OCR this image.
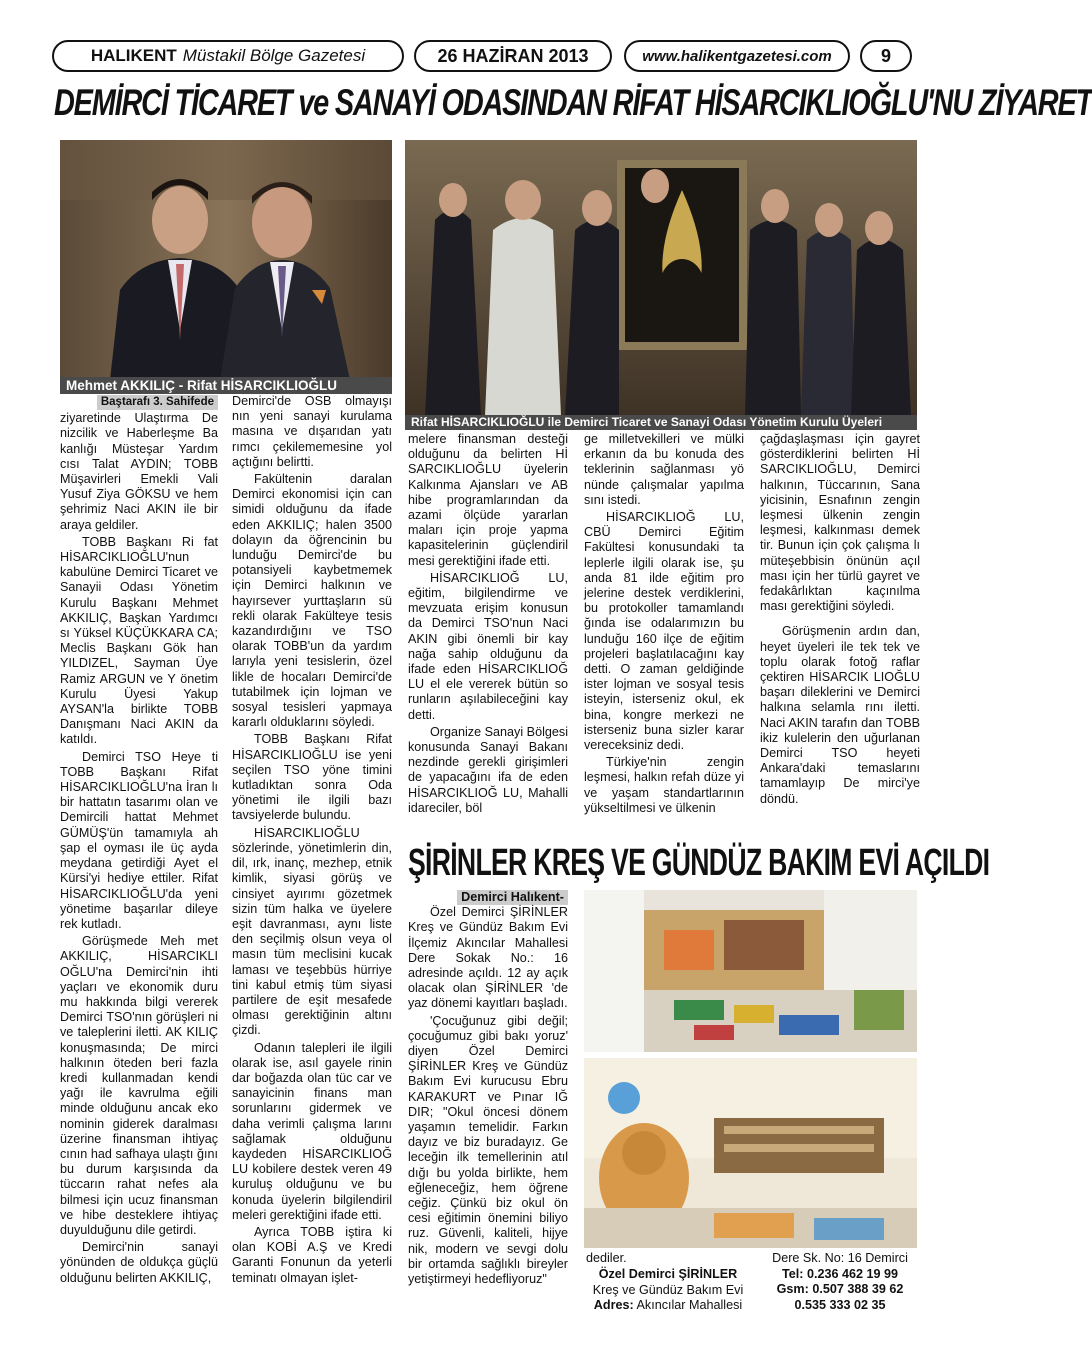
HALIKENT Müstakil Bölge Gazetesi	26 HAZİRAN 2013	www.halikentgazetesi.com	9
DEMİRCİ TİCARET ve SANAYİ ODASINDAN RİFAT HİSARCIKLIOĞLU'NU ZİYARET
Mehmet AKKILIÇ - Rifat HİSARCIKLIOĞLU
Rifat HİSARCIKLIOĞLU ile Demirci Ticaret ve Sanayi Odası Yönetim Kurulu Üyeleri
Baştarafı 3. Sahifede

ziyaretinde Ulaştırma De nizcilik ve Haberleşme Ba kanlığı Müsteşar Yardım cısı Talat AYDIN; TOBB Müşavirleri Emekli Vali Yusuf Ziya GÖKSU ve hem şehrimiz Naci AKIN ile bir araya geldiler.

TOBB Başkanı Ri fat HİSARCIKLIOĞLU'nun kabulüne Demirci Ticaret ve Sanayii Odası Yönetim Kurulu Başkanı Mehmet AKKILIÇ, Başkan Yardımcı sı Yüksel KÜÇÜKKARA CA; Meclis Başkanı Gök han YILDIZEL, Sayman Üye Ramiz ARGUN ve Y önetim Kurulu Üyesi Yakup AYSAN'la birlikte TOBB Danışmanı Naci AKIN da katıldı.

Demirci TSO Heye ti TOBB Başkanı Rifat HİSARCIKLIOĞLU'na İran lı bir hattatın tasarımı olan ve Demircili hattat Mehmet GÜMÜŞ'ün tamamıyla ah şap el oyması ile üç ayda meydana getirdiği Ayet el Kürsi'yi hediye ettiler. Rifat HİSARCIKLIOĞLU'da yeni yönetime başarılar dileye rek kutladı.

Görüşmede Meh met AKKILIÇ, HİSARCIKLI OĞLU'na Demirci'nin ihti yaçları ve ekonomik duru mu hakkında bilgi vererek Demirci TSO'nın görüşleri ni ve taleplerini iletti. AK KILIÇ konuşmasında; De mirci halkının öteden beri fazla kredi kullanmadan kendi yağı ile kavrulma eğili minde olduğunu ancak eko nominin giderek daralması üzerine finansman ihtiyaç cının had safhaya ulaştı ğını bu durum karşısında da tüccarın rahat nefes ala bilmesi için ucuz finansman ve hibe desteklere ihtiyaç duyulduğunu dile getirdi.

Demirci'nin sanayi yönünden de oldukça güçlü olduğunu belirten AKKILIÇ,

Demirci'de OSB olmayışı nın yeni sanayi kurulama masına ve dışarıdan yatı rımcı çekilememesine yol açtığını belirtti.

Fakültenin daralan Demirci ekonomisi için can simidi olduğunu da ifade eden AKKILIÇ; halen 3500 dolayın da öğrencinin bu lunduğu Demirci'de bu potansiyeli kaybetmemek için Demirci halkının ve hayırsever yurttaşların sü rekli olarak Fakülteye tesis kazandırdığını ve TSO olarak TOBB'un da yardım larıyla yeni tesislerin, özel likle de hocaları Demirci'de tutabilmek için lojman ve sosyal tesisleri yapmaya kararlı olduklarını söyledi.

TOBB Başkanı Rifat HİSARCIKLIOĞLU ise yeni seçilen TSO yöne timini kutladıktan sonra Oda yönetimi ile ilgili bazı tavsiyelerde bulundu.

HİSARCIKLIOĞLU sözlerinde, yönetimlerin din, dil, ırk, inanç, mezhep, etnik kimlik, siyasi görüş ve cinsiyet ayırımı gözetmek sizin tüm halka ve üyelere eşit davranması, aynı liste den seçilmiş olsun veya ol masın tüm meclisini kucak laması ve teşebbüs hürriye tini kabul etmiş tüm siyasi partilere de eşit mesafede olması gerektiğinin altını çizdi.

Odanın talepleri ile ilgili olarak ise, asıl gayele rinin dar boğazda olan tüc car ve sanayicinin finans man sorunlarını gidermek ve daha verimli çalışma larını sağlamak olduğunu kaydeden HİSARCIKLIOĞ LU kobilere destek veren 49 kuruluş olduğunu ve bu konuda üyelerin bilgilendiril meleri gerektiğini ifade etti.

Ayrıca TOBB iştira ki olan KOBİ A.Ş ve Kredi Garanti Fonunun da yeterli teminatı olmayan işlet-

melere finansman desteği olduğunu da belirten Hİ SARCIKLIOĞLU üyelerin Kalkınma Ajansları ve AB hibe programlarından da azami ölçüde yararlan maları için proje yapma kapasitelerinin güçlendiril mesi gerektiğini ifade etti.

HİSARCIKLIOĞ LU, eğitim, bilgilendirme ve mevzuata erişim konusun da Demirci TSO'nun Naci AKIN gibi önemli bir kay nağa sahip olduğunu da ifade eden HİSARCIKLIOĞ LU el ele vererek bütün so runların aşılabileceğini kay detti.

Organize Sanayi Bölgesi konusunda Sanayi Bakanı nezdinde gerekli girişimleri de yapacağını ifa de eden HİSARCIKLIOĞ LU, Mahalli idareciler, böl

ge milletvekilleri ve mülki erkanın da bu konuda des teklerinin sağlanması yö nünde çalışmalar yapılma sını istedi.

HİSARCIKLIOĞ LU, CBÜ Demirci Eğitim Fakültesi konusundaki ta leplerle ilgili olarak ise, şu anda 81 ilde eğitim pro jelerine destek verdiklerini, bu protokoller tamamlandı ğında ise odalarımızın bu lunduğu 160 ilçe de eğitim projeleri başlatılacağını kay detti. O zaman geldiğinde ister lojman ve sosyal tesis isteyin, isterseniz okul, ek bina, kongre merkezi ne isterseniz buna sizler karar vereceksiniz dedi.

Türkiye'nin zengin leşmesi, halkın refah düze yi ve yaşam standartlarının yükseltilmesi ve ülkenin

çağdaşlaşması için gayret gösterdiklerini belirten Hİ SARCIKLIOĞLU, Demirci halkının, Tüccarının, Sana yicisinin, Esnafının zengin leşmesi ülkenin zengin leşmesi, kalkınması demek tir. Bunun için çok çalışma lı müteşebbisin önünün açıl ması için her türlü gayret ve fedakârlıktan kaçınılma ması gerektiğini söyledi.

Görüşmenin ardın dan, heyet üyeleri ile tek tek ve toplu olarak fotoğ raflar çektiren HİSARCIK LIOĞLU başarı dileklerini ve Demirci halkına selamla rını iletti. Naci AKIN tarafın dan TOBB ikiz kulelerin den uğurlanan Demirci TSO heyeti Ankara'daki temaslarını tamamlayıp De mirci'ye döndü.

ŞİRİNLER KREŞ VE GÜNDÜZ BAKIM EVİ AÇILDI
Demirci Halıkent-

Özel Demirci ŞİRİNLER Kreş ve Gündüz Bakım Evi İlçemiz Akıncılar Mahallesi Dere Sokak No.: 16 adresinde açıldı. 12 ay açık olacak olan ŞİRİNLER 'de yaz dönemi kayıtları başladı.

'Çocuğunuz gibi değil; çocuğumuz gibi bakı yoruz' diyen Özel Demirci ŞİRİNLER Kreş ve Gündüz Bakım Evi kurucusu Ebru KARAKURT ve Pınar IĞ DIR; "Okul öncesi dönem yaşamın temelidir. Farkın dayız ve biz buradayız. Ge leceğin ilk temellerinin atıl dığı bu yolda birlikte, hem eğleneceğiz, hem öğrene ceğiz. Çünkü biz okul ön cesi eğitimin önemini biliyo ruz. Güvenli, kaliteli, hijye nik, modern ve sevgi dolu bir ortamda sağlıklı bireyler yetiştirmeyi hedefliyoruz"

dediler.

Özel Demirci ŞİRİNLER
Kreş ve Gündüz Bakım Evi
Adres: Akıncılar Mahallesi
Dere Sk. No: 16 Demirci
Tel: 0.236 462 19 99
Gsm: 0.507 388 39 62
0.535 333 02 35
